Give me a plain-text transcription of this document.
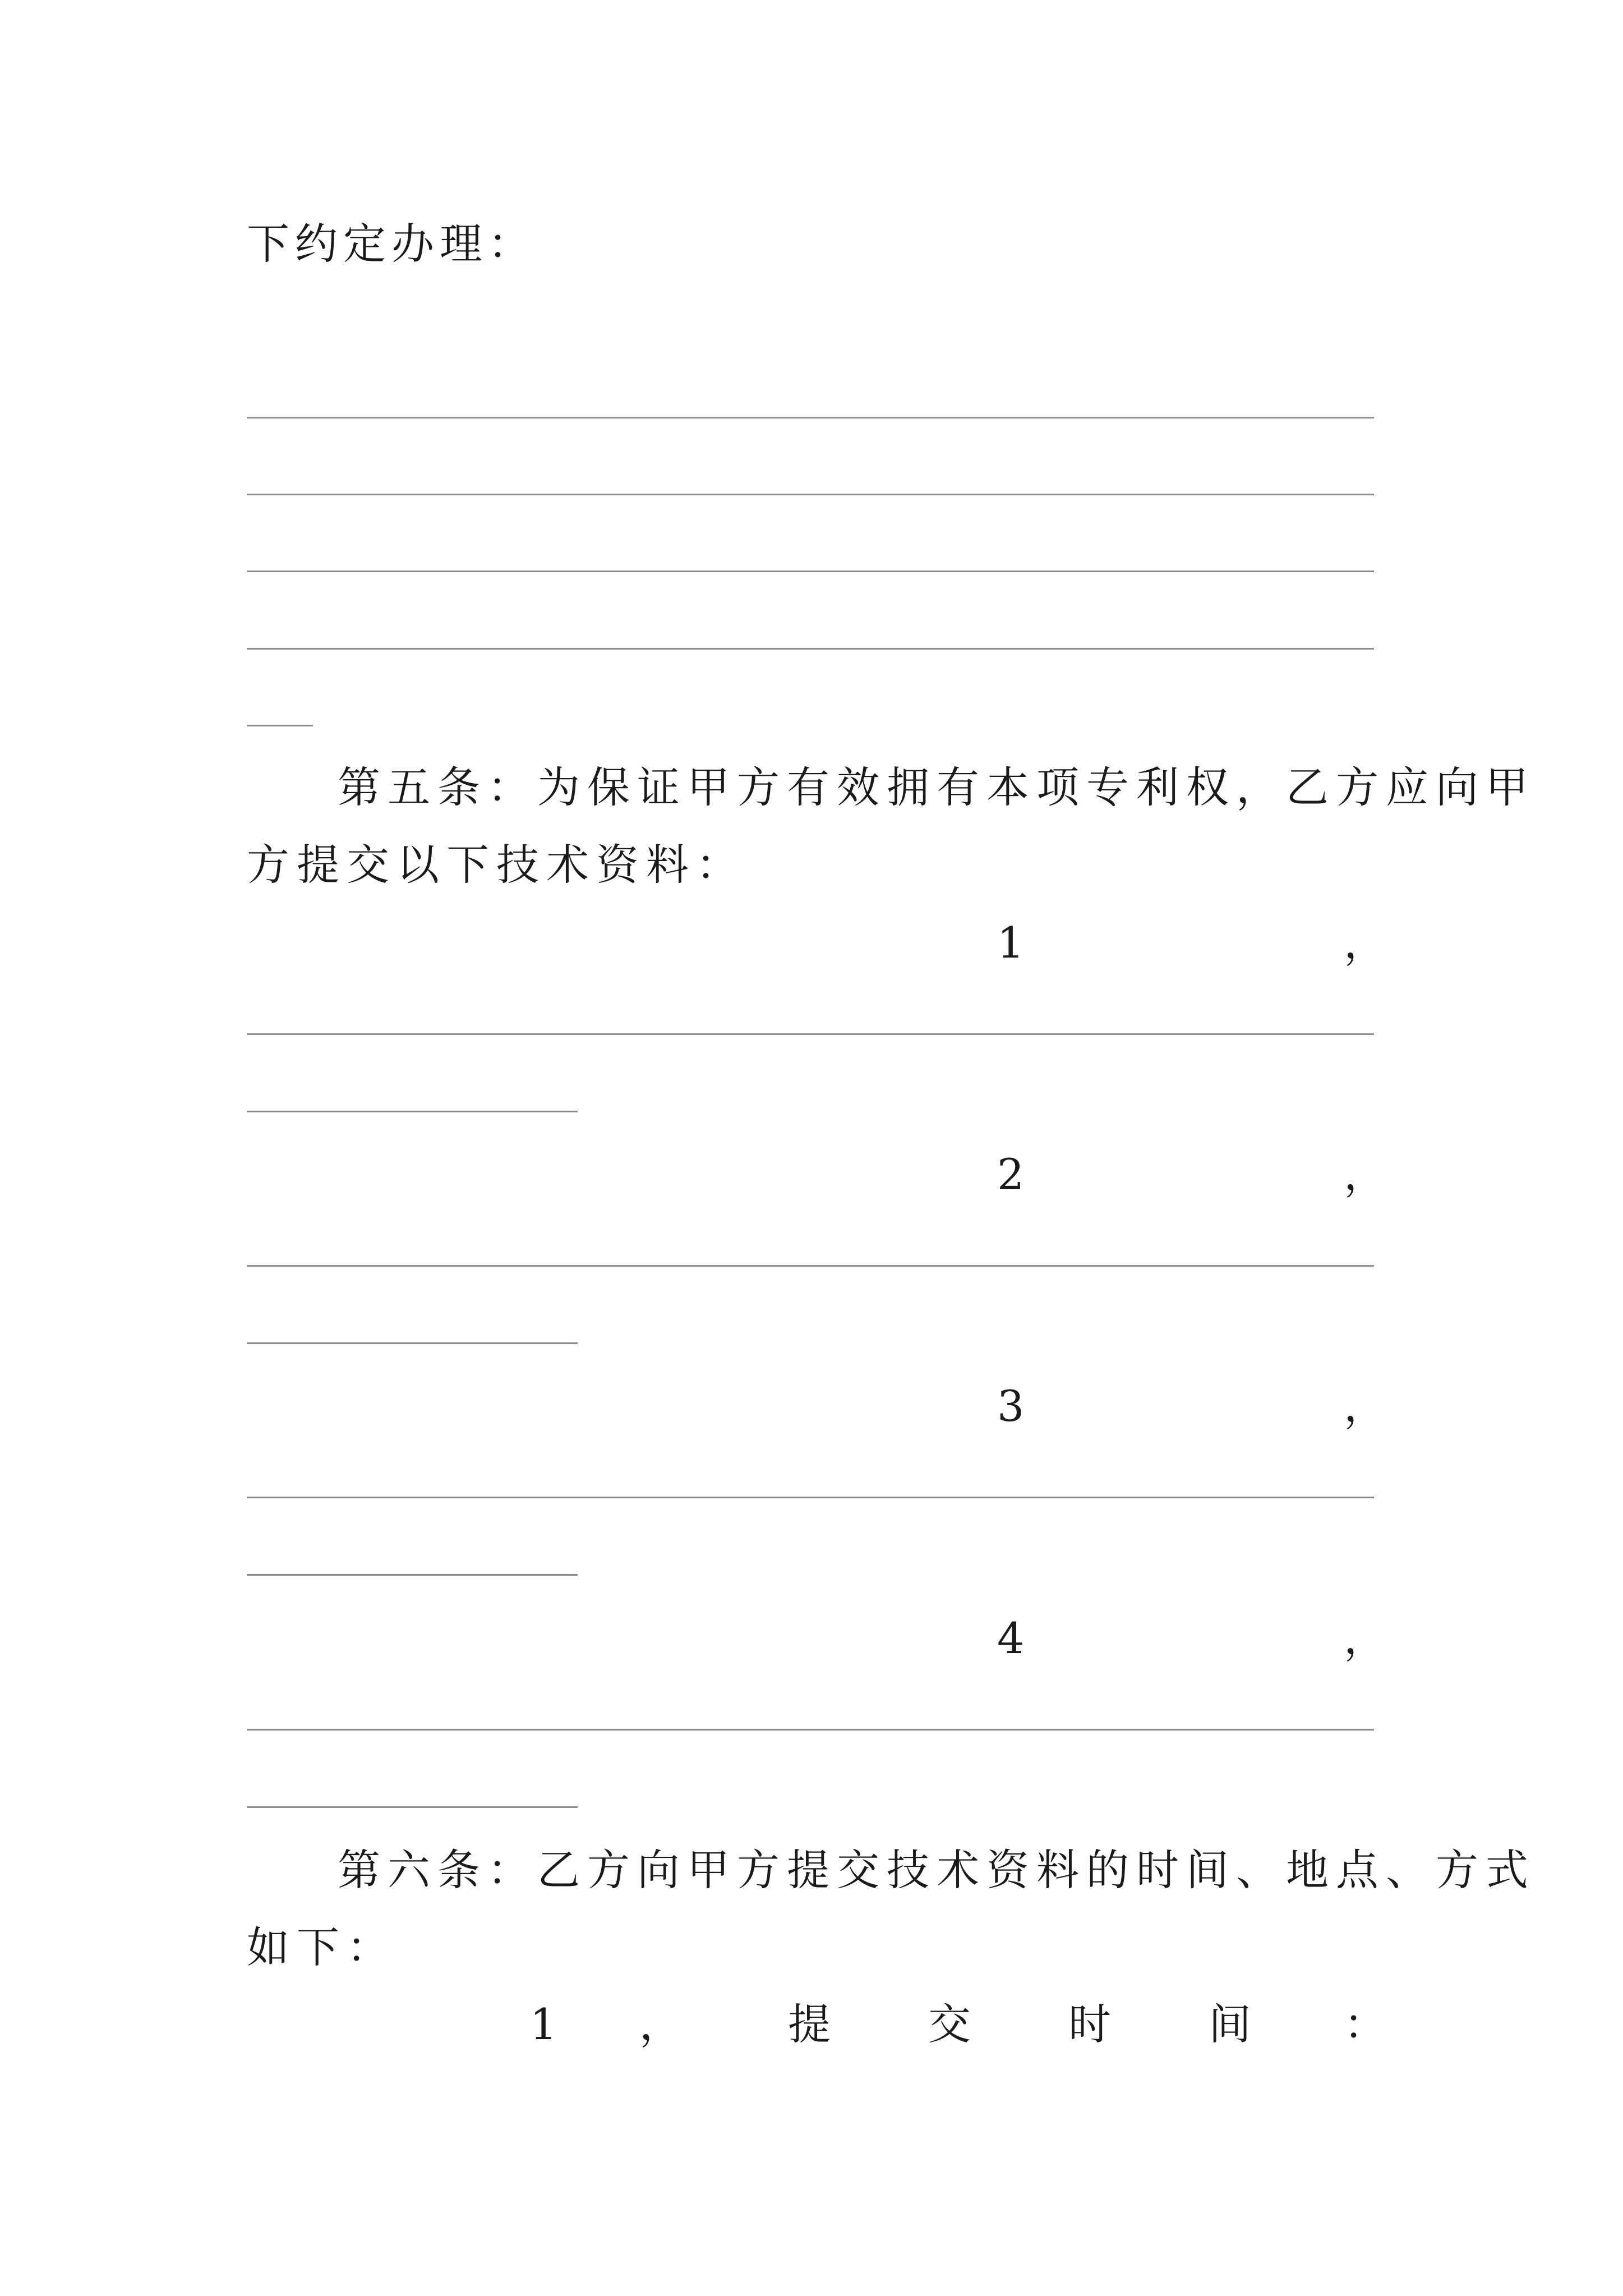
下约定办理：
第五条：为保证甲方有效拥有本项专利权，乙方应向甲
方提交以下技术资料：
1	，
2	，
3	，
4	，
第六条：乙方向甲方提交技术资料的时间、地点、方式
如下：
1 ， 提 交 时 间 ：
